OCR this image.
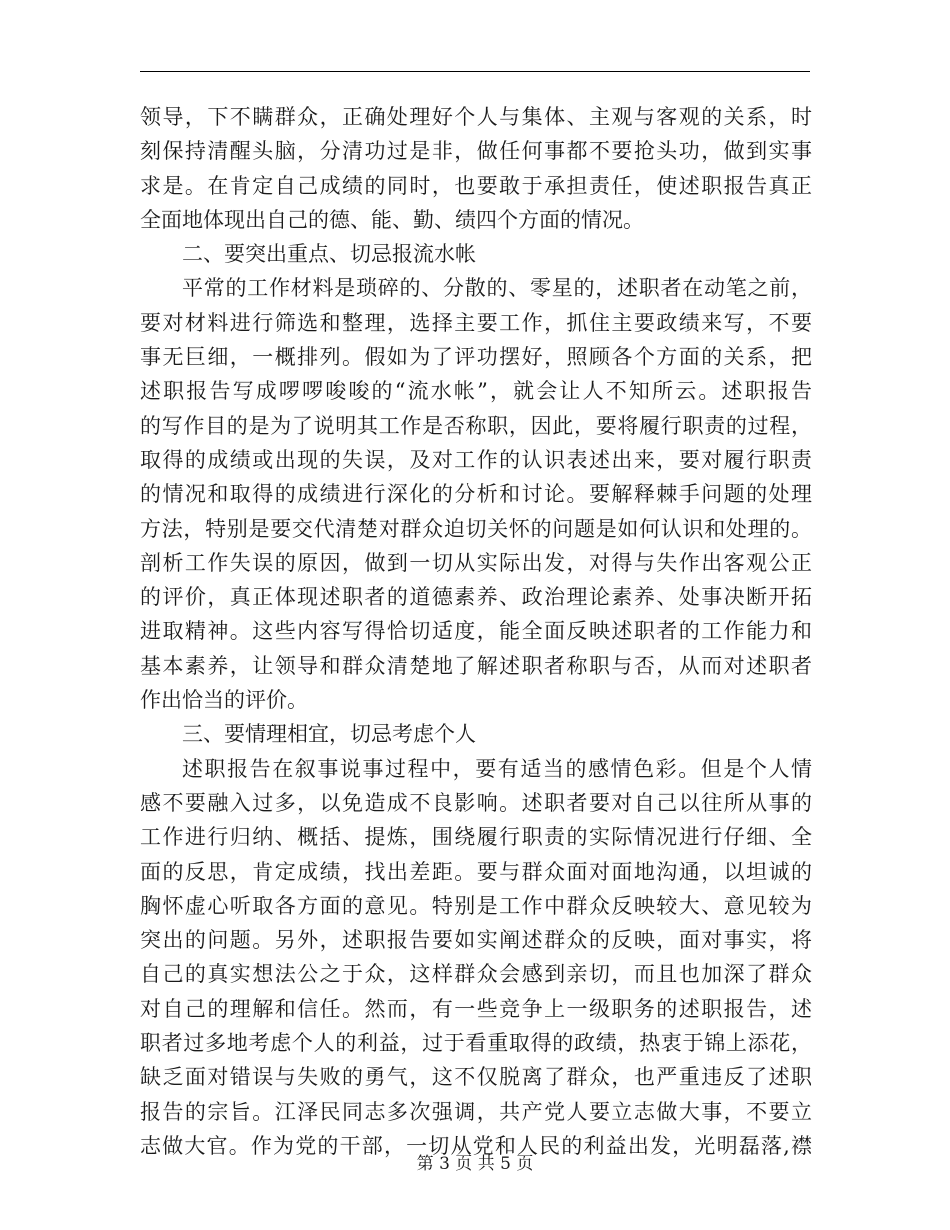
领导，下不瞒群众，正确处理好个人与集体、主观与客观的关系，时
刻保持清醒头脑，分清功过是非，做任何事都不要抢头功，做到实事
求是。在肯定自己成绩的同时，也要敢于承担责任，使述职报告真正
全面地体现出自己的德、能、勤、绩四个方面的情况。
二、要突出重点、切忌报流水帐
平常的工作材料是琐碎的、分散的、零星的，述职者在动笔之前，
要对材料进行筛选和整理，选择主要工作，抓住主要政绩来写，不要
事无巨细，一概排列。假如为了评功摆好，照顾各个方面的关系，把
述职报告写成啰啰唆唆的“流水帐”，就会让人不知所云。述职报告
的写作目的是为了说明其工作是否称职，因此，要将履行职责的过程，
取得的成绩或出现的失误，及对工作的认识表述出来，要对履行职责
的情况和取得的成绩进行深化的分析和讨论。要解释棘手问题的处理
方法，特别是要交代清楚对群众迫切关怀的问题是如何认识和处理的。
剖析工作失误的原因，做到一切从实际出发，对得与失作出客观公正
的评价，真正体现述职者的道德素养、政治理论素养、处事决断开拓
进取精神。这些内容写得恰切适度，能全面反映述职者的工作能力和
基本素养，让领导和群众清楚地了解述职者称职与否，从而对述职者
作出恰当的评价。
三、要情理相宜，切忌考虑个人
述职报告在叙事说事过程中，要有适当的感情色彩。但是个人情
感不要融入过多，以免造成不良影响。述职者要对自己以往所从事的
工作进行归纳、概括、提炼，围绕履行职责的实际情况进行仔细、全
面的反思，肯定成绩，找出差距。要与群众面对面地沟通，以坦诚的
胸怀虚心听取各方面的意见。特别是工作中群众反映较大、意见较为
突出的问题。另外，述职报告要如实阐述群众的反映，面对事实，将
自己的真实想法公之于众，这样群众会感到亲切，而且也加深了群众
对自己的理解和信任。然而，有一些竞争上一级职务的述职报告，述
职者过多地考虑个人的利益，过于看重取得的政绩，热衷于锦上添花，
缺乏面对错误与失败的勇气，这不仅脱离了群众，也严重违反了述职
报告的宗旨。江泽民同志多次强调，共产党人要立志做大事，不要立
志做大官。作为党的干部，一切从党和人民的利益出发，光明磊落,襟
第 3 页 共 5 页
